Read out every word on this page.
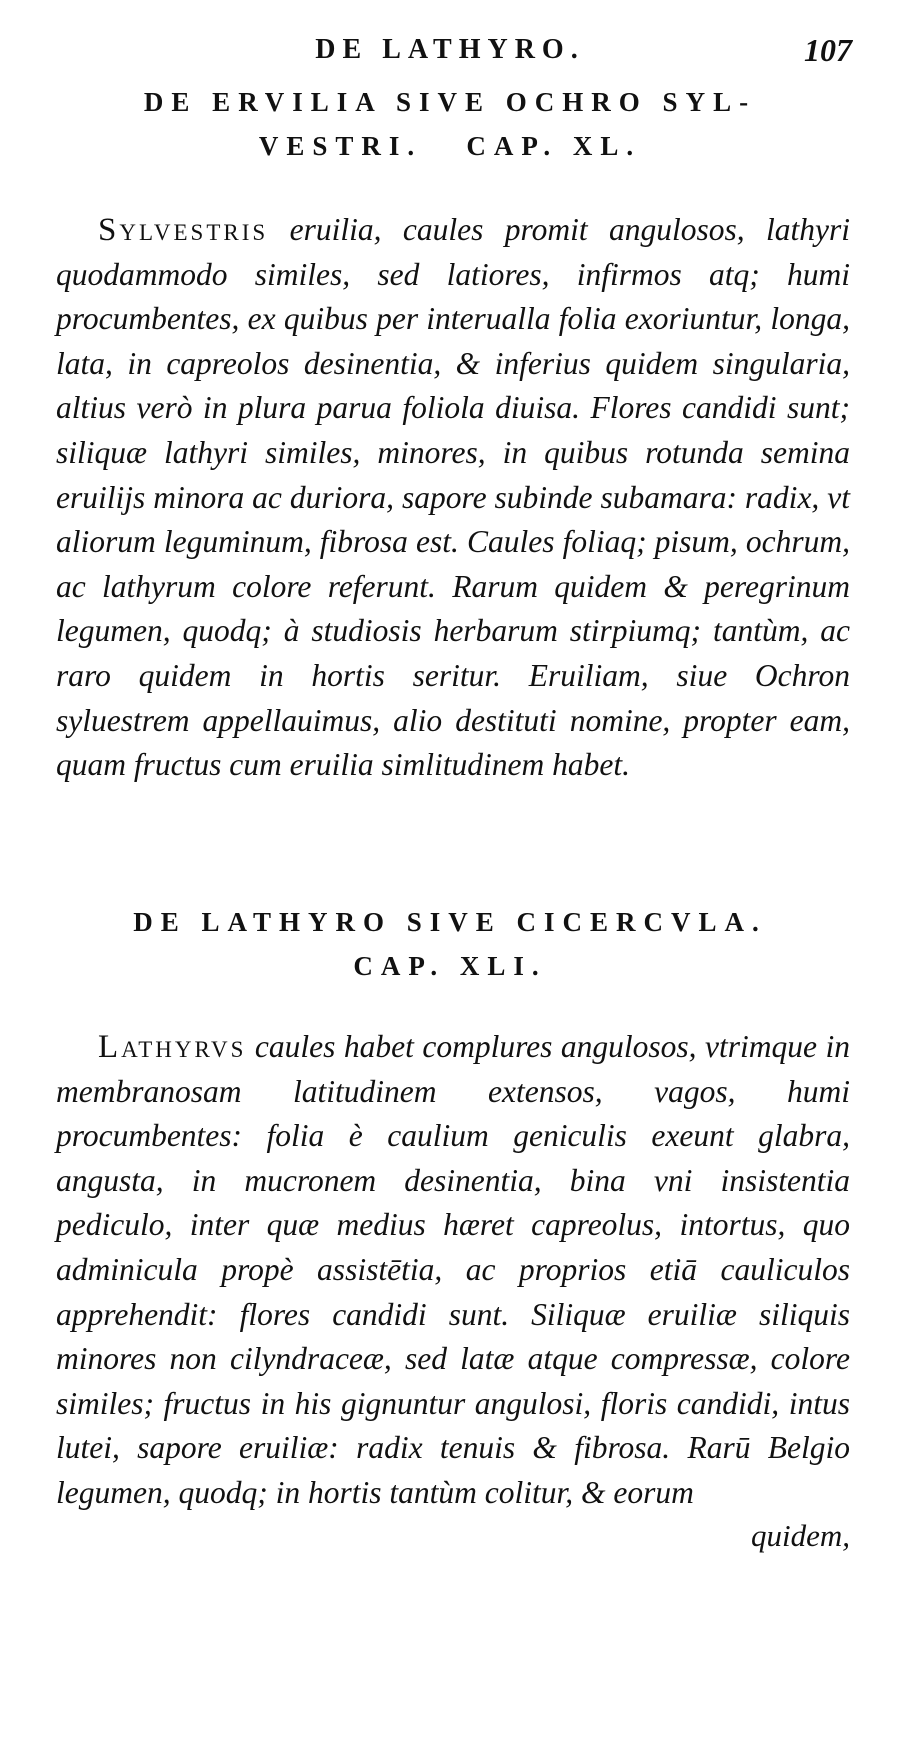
DE LATHYRO.	107
DE ERVILIA SIVE OCHRO SYL-
VESTRI.   CAP. XL.

Sylvestris eruilia, caules promit angulosos, lathyri quodammodo similes, sed latiores, infirmos atq; humi procumbentes, ex quibus per interualla folia exoriuntur, longa, lata, in capreolos desinentia, & inferius quidem singularia, altius verò in plura parua foliola diuisa. Flores candidi sunt; siliquæ lathyri similes, minores, in quibus rotunda semina eruilijs minora ac duriora, sapore subinde subamara: radix, vt aliorum leguminum, fibrosa est. Caules foliaq; pisum, ochrum, ac lathyrum colore referunt. Rarum quidem & peregrinum legumen, quodq; à studiosis herbarum stirpiumq; tantùm, ac raro quidem in hortis seritur. Eruiliam, siue Ochron syluestrem appellauimus, alio destituti nomine, propter eam, quam fructus cum eruilia simlitudinem habet.

DE LATHYRO SIVE CICERCVLA.
CAP. XLI.

Lathyrvs caules habet complures angulosos, vtrimque in membranosam latitudinem extensos, vagos, humi procumbentes: folia è caulium geniculis exeunt glabra, angusta, in mucronem desinentia, bina vni insistentia pediculo, inter quæ medius hæret capreolus, intortus, quo adminicula propè assistētia, ac proprios etiā cauliculos apprehendit: flores candidi sunt. Siliquæ eruiliæ siliquis minores non cilyndraceæ, sed latæ atque compressæ, colore similes; fructus in his gignuntur angulosi, floris candidi, intus lutei, sapore eruiliæ: radix tenuis & fibrosa. Rarū Belgio legumen, quodq; in hortis tantùm colitur, & eorum

quidem,
